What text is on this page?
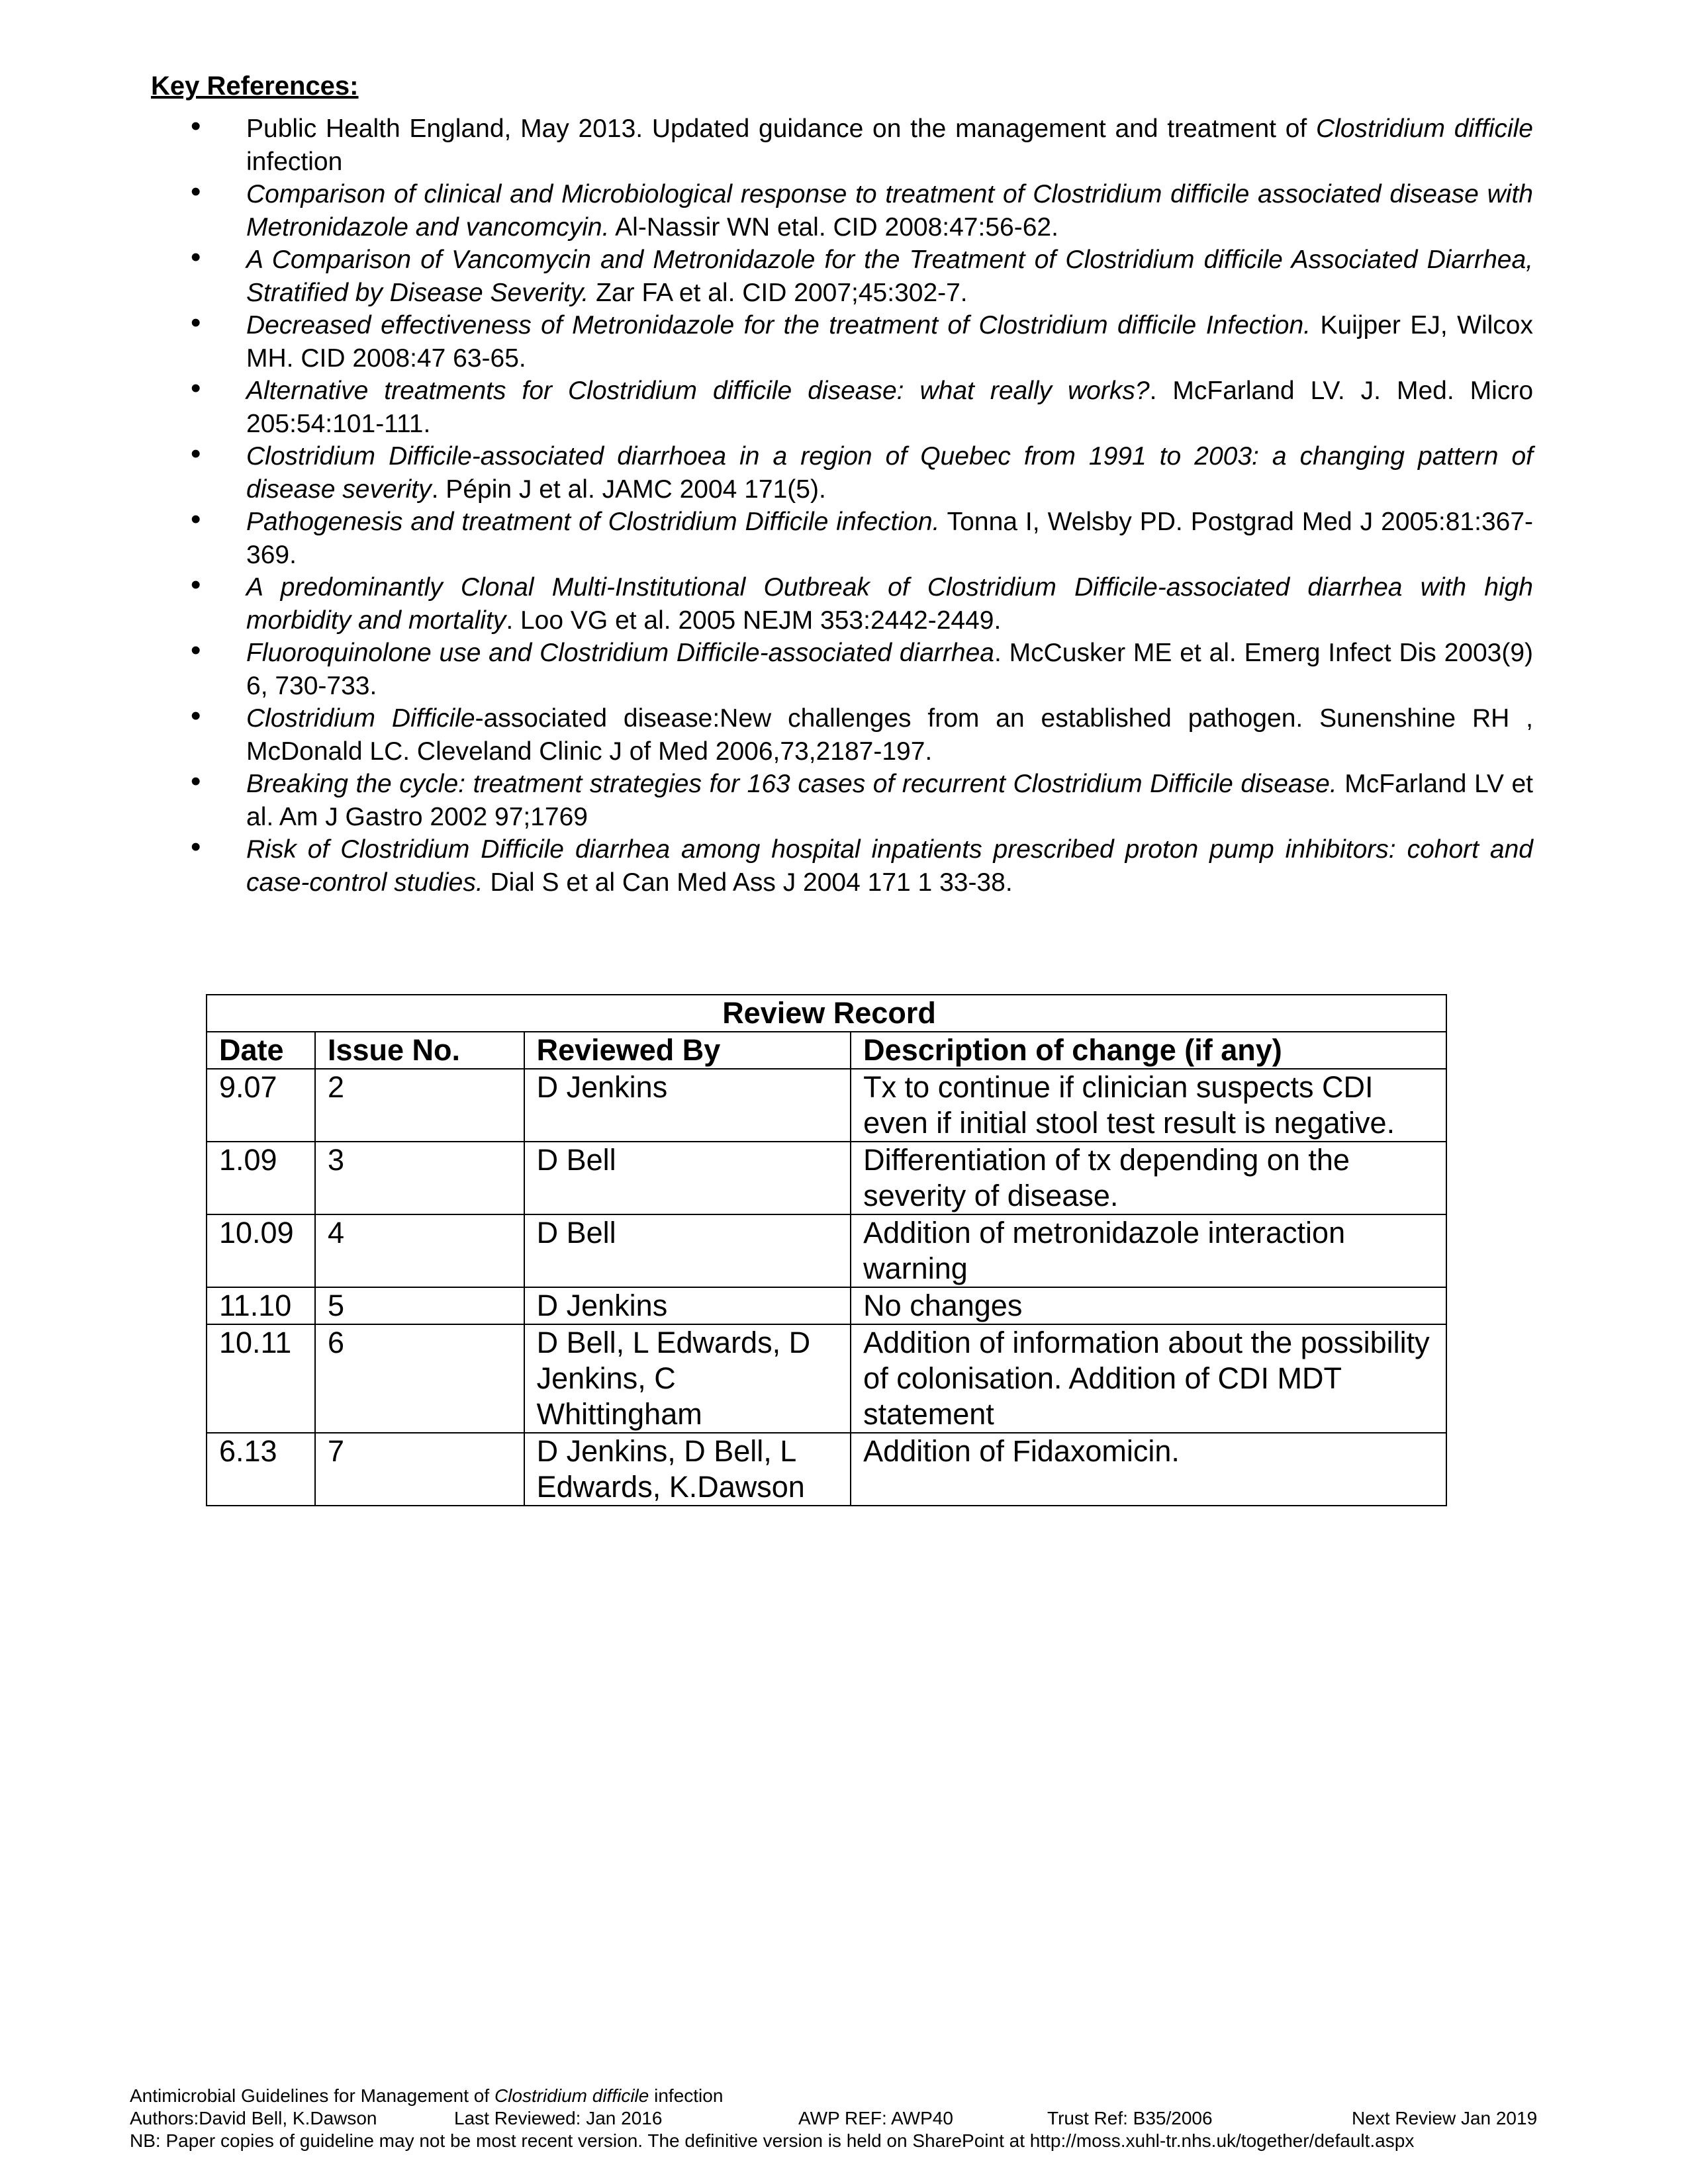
Key References:
•	Public Health England, May 2013. Updated guidance on the management and treatment of Clostridium difficile infection
•	Comparison of clinical and Microbiological response to treatment of Clostridium difficile associated disease with Metronidazole and vancomcyin. Al-Nassir WN etal. CID 2008:47:56-62.
•	A Comparison of Vancomycin and Metronidazole for the Treatment of Clostridium difficile Associated Diarrhea, Stratified by Disease Severity. Zar FA et al. CID 2007;45:302-7.
•	Decreased effectiveness of Metronidazole for the treatment of Clostridium difficile Infection. Kuijper EJ, Wilcox MH. CID 2008:47 63-65.
•	Alternative treatments for Clostridium difficile disease: what really works?. McFarland LV. J. Med. Micro 205:54:101-111.
•	Clostridium Difficile-associated diarrhoea in a region of Quebec from 1991 to 2003: a changing pattern of disease severity. Pépin J et al. JAMC 2004 171(5).
•	Pathogenesis and treatment of Clostridium Difficile infection. Tonna I, Welsby PD. Postgrad Med J 2005:81:367-369.
•	A predominantly Clonal Multi-Institutional Outbreak of Clostridium Difficile-associated diarrhea with high morbidity and mortality. Loo VG et al. 2005 NEJM 353:2442-2449.
•	Fluoroquinolone use and Clostridium Difficile-associated diarrhea. McCusker ME et al. Emerg Infect Dis 2003(9) 6, 730-733.
•	Clostridium Difficile-associated disease:New challenges from an established pathogen. Sunenshine RH , McDonald LC. Cleveland Clinic J of Med 2006,73,2187-197.
•	Breaking the cycle: treatment strategies for 163 cases of recurrent Clostridium Difficile disease. McFarland LV et al. Am J Gastro 2002 97;1769
•	Risk of Clostridium Difficile diarrhea among hospital inpatients prescribed proton pump inhibitors: cohort and case-control studies. Dial S et al Can Med Ass J 2004 171 1 33-38.
Review Record			
Date	Issue No.	Reviewed By	Description of change (if any)
9.07	2	D Jenkins	Tx to continue if clinician suspects CDI even if initial stool test result is negative.
1.09	3	D Bell	Differentiation of tx depending on the severity of disease.
10.09	4	D Bell	Addition of metronidazole interaction warning
11.10	5	D Jenkins	No changes
10.11	6	D Bell, L Edwards, D Jenkins, C Whittingham	Addition of information about the possibility of colonisation. Addition of CDI MDT statement
6.13	7	D Jenkins, D Bell, L Edwards, K.Dawson	Addition of Fidaxomicin.
Antimicrobial Guidelines for Management of Clostridium difficile infection
Authors:David Bell, K.Dawson	Last Reviewed: Jan 2016	AWP REF: AWP40	Trust Ref: B35/2006	Next Review Jan 2019
NB: Paper copies of guideline may not be most recent version. The definitive version is held on SharePoint at http://moss.xuhl-tr.nhs.uk/together/default.aspx
